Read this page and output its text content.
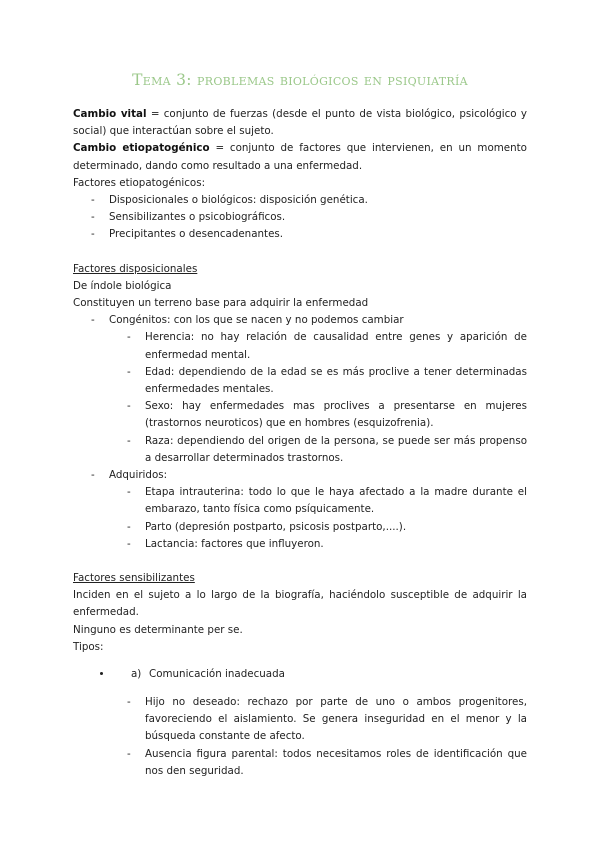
Tema 3: problemas biológicos en psiquiatría

Cambio vital = conjunto de fuerzas (desde el punto de vista biológico, psicológico y social) que interactúan sobre el sujeto.

Cambio etiopatogénico = conjunto de factores que intervienen, en un momento determinado, dando como resultado a una enfermedad.

Factores etiopatogénicos:

- Disposicionales o biológicos: disposición genética.
- Sensibilizantes o psicobiográficos.
- Precipitantes o desencadenantes.

Factores disposicionales

De índole biológica

Constituyen un terreno base para adquirir la enfermedad

- Congénitos: con los que se nacen y no podemos cambiar
- Herencia: no hay relación de causalidad entre genes y aparición de enfermedad mental.
- Edad: dependiendo de la edad se es más proclive a tener determinadas enfermedades mentales.
- Sexo: hay enfermedades mas proclives a presentarse en mujeres (trastornos neuroticos) que en hombres (esquizofrenia).
- Raza: dependiendo del origen de la persona, se puede ser más propenso a desarrollar determinados trastornos.
- Adquiridos:
- Etapa intrauterina: todo lo que le haya afectado a la madre durante el embarazo, tanto física como psíquicamente.
- Parto (depresión postparto, psicosis postparto,....).
- Lactancia: factores que influyeron.

Factores sensibilizantes

Inciden en el sujeto a lo largo de la biografía, haciéndolo susceptible de adquirir la enfermedad.

Ninguno es determinante per se.

Tipos:

• a) Comunicación inadecuada
- Hijo no deseado: rechazo por parte de uno o ambos progenitores, favoreciendo el aislamiento. Se genera inseguridad en el menor y la búsqueda constante de afecto.
- Ausencia figura parental: todos necesitamos roles de identificación que nos den seguridad.
